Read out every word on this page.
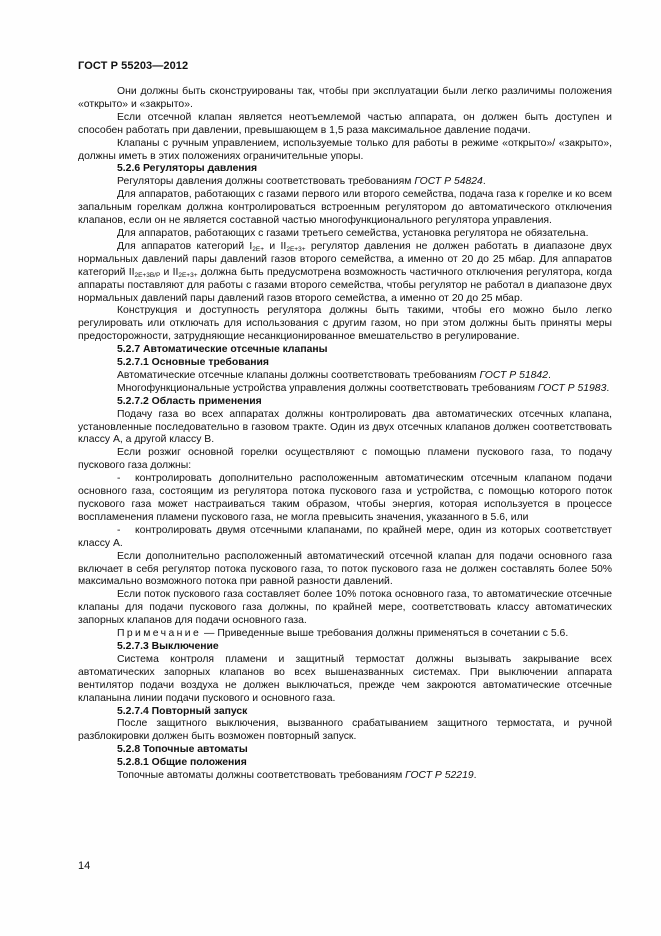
ГОСТ Р 55203—2012

Они должны быть сконструированы так, чтобы при эксплуатации были легко различимы положения «открыто» и «закрыто».

Если отсечной клапан является неотъемлемой частью аппарата, он должен быть доступен и способен работать при давлении, превышающем в 1,5 раза максимальное давление подачи.

Клапаны с ручным управлением, используемые только для работы в режиме «открыто»/ «закрыто», должны иметь в этих положениях ограничительные упоры.

5.2.6 Регуляторы давления

Регуляторы давления должны соответствовать требованиям ГОСТ Р 54824.

Для аппаратов, работающих с газами первого или второго семейства, подача газа к горелке и ко всем запальным горелкам должна контролироваться встроенным регулятором до автоматического отключения клапанов, если он не является составной частью многофункционального регулятора управления.

Для аппаратов, работающих с газами третьего семейства, установка регулятора не обязательна.

Для аппаратов категорий $I_{2E+}$ и $II_{2E+3+}$ регулятор давления не должен работать в диапазоне двух нормальных давлений пары давлений газов второго семейства, а именно от 20 до 25 мбар. Для аппаратов категорий $II_{2E+3B/P}$ и $II_{2E+3+}$ должна быть предусмотрена возможность частичного отключения регулятора, когда аппараты поставляют для работы с газами второго семейства, чтобы регулятор не работал в диапазоне двух нормальных давлений пары давлений газов второго семейства, а именно от 20 до 25 мбар.

Конструкция и доступность регулятора должны быть такими, чтобы его можно было легко регулировать или отключать для использования с другим газом, но при этом должны быть приняты меры предосторожности, затрудняющие несанкционированное вмешательство в регулирование.

5.2.7 Автоматические отсечные клапаны

5.2.7.1 Основные требования

Автоматические отсечные клапаны должны соответствовать требованиям ГОСТ Р 51842.

Многофункциональные устройства управления должны соответствовать требованиям ГОСТ Р 51983.

5.2.7.2 Область применения

Подачу газа во всех аппаратах должны контролировать два автоматических отсечных клапана, установленные последовательно в газовом тракте. Один из двух отсечных клапанов должен соответствовать классу А, а другой классу В.

Если розжиг основной горелки осуществляют с помощью пламени пускового газа, то подачу пускового газа должны:

- контролировать дополнительно расположенным автоматическим отсечным клапаном подачи основного газа, состоящим из регулятора потока пускового газа и устройства, с помощью которого поток пускового газа может настраиваться таким образом, чтобы энергия, которая используется в процессе воспламенения пламени пускового газа, не могла превысить значения, указанного в 5.6, или

- контролировать двумя отсечными клапанами, по крайней мере, один из которых соответствует классу А.

Если дополнительно расположенный автоматический отсечной клапан для подачи основного газа включает в себя регулятор потока пускового газа, то поток пускового газа не должен составлять более 50% максимально возможного потока при равной разности давлений.

Если поток пускового газа составляет более 10% потока основного газа, то автоматические отсечные клапаны для подачи пускового газа должны, по крайней мере, соответствовать классу автоматических запорных клапанов для подачи основного газа.

Примечание — Приведенные выше требования должны применяться в сочетании с 5.6.

5.2.7.3 Выключение

Система контроля пламени и защитный термостат должны вызывать закрывание всех автоматических запорных клапанов во всех вышеназванных системах. При выключении аппарата вентилятор подачи воздуха не должен выключаться, прежде чем закроются автоматические отсечные клапанына линии подачи пускового и основного газа.

5.2.7.4 Повторный запуск

После защитного выключения, вызванного срабатыванием защитного термостата, и ручной разблокировки должен быть возможен повторный запуск.

5.2.8 Топочные автоматы

5.2.8.1 Общие положения

Топочные автоматы должны соответствовать требованиям ГОСТ Р 52219.

14
